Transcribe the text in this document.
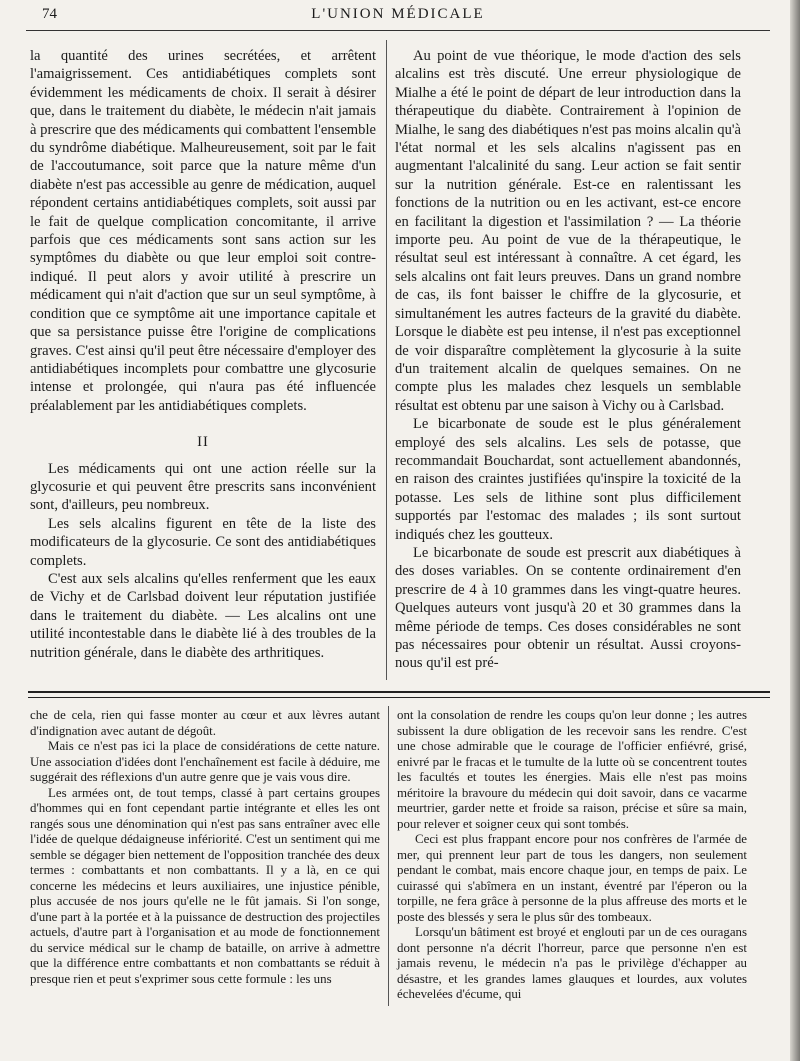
74	L'UNION MÉDICALE

la quantité des urines secrétées, et arrêtent l'amaigrissement. Ces antidiabétiques complets sont évidemment les médicaments de choix. Il serait à désirer que, dans le traitement du diabète, le médecin n'ait jamais à prescrire que des médicaments qui combattent l'ensemble du syndrôme diabétique. Malheureusement, soit par le fait de l'accoutumance, soit parce que la nature même d'un diabète n'est pas accessible au genre de médication, auquel répondent certains antidiabétiques complets, soit aussi par le fait de quelque complication concomitante, il arrive parfois que ces médicaments sont sans action sur les symptômes du diabète ou que leur emploi soit contre-indiqué. Il peut alors y avoir utilité à prescrire un médicament qui n'ait d'action que sur un seul symptôme, à condition que ce symptôme ait une importance capitale et que sa persistance puisse être l'origine de complications graves. C'est ainsi qu'il peut être nécessaire d'employer des antidiabétiques incomplets pour combattre une glycosurie intense et prolongée, qui n'aura pas été influencée préalablement par les antidiabétiques complets.

II

Les médicaments qui ont une action réelle sur la glycosurie et qui peuvent être prescrits sans inconvénient sont, d'ailleurs, peu nombreux.

Les sels alcalins figurent en tête de la liste des modificateurs de la glycosurie. Ce sont des antidiabétiques complets.

C'est aux sels alcalins qu'elles renferment que les eaux de Vichy et de Carlsbad doivent leur réputation justifiée dans le traitement du diabète. — Les alcalins ont une utilité incontestable dans le diabète lié à des troubles de la nutrition générale, dans le diabète des arthritiques.

Au point de vue théorique, le mode d'action des sels alcalins est très discuté. Une erreur physiologique de Mialhe a été le point de départ de leur introduction dans la thérapeutique du diabète. Contrairement à l'opinion de Mialhe, le sang des diabétiques n'est pas moins alcalin qu'à l'état normal et les sels alcalins n'agissent pas en augmentant l'alcalinité du sang. Leur action se fait sentir sur la nutrition générale. Est-ce en ralentissant les fonctions de la nutrition ou en les activant, est-ce encore en facilitant la digestion et l'assimilation ? — La théorie importe peu. Au point de vue de la thérapeutique, le résultat seul est intéressant à connaître. A cet égard, les sels alcalins ont fait leurs preuves. Dans un grand nombre de cas, ils font baisser le chiffre de la glycosurie, et simultanément les autres facteurs de la gravité du diabète. Lorsque le diabète est peu intense, il n'est pas exceptionnel de voir disparaître complètement la glycosurie à la suite d'un traitement alcalin de quelques semaines. On ne compte plus les malades chez lesquels un semblable résultat est obtenu par une saison à Vichy ou à Carlsbad.

Le bicarbonate de soude est le plus généralement employé des sels alcalins. Les sels de potasse, que recommandait Bouchardat, sont actuellement abandonnés, en raison des craintes justifiées qu'inspire la toxicité de la potasse. Les sels de lithine sont plus difficilement supportés par l'estomac des malades ; ils sont surtout indiqués chez les goutteux.

Le bicarbonate de soude est prescrit aux diabétiques à des doses variables. On se contente ordinairement d'en prescrire de 4 à 10 grammes dans les vingt-quatre heures. Quelques auteurs vont jusqu'à 20 et 30 grammes dans la même période de temps. Ces doses considérables ne sont pas nécessaires pour obtenir un résultat. Aussi croyons-nous qu'il est pré-

che de cela, rien qui fasse monter au cœur et aux lèvres autant d'indignation avec autant de dégoût.

Mais ce n'est pas ici la place de considérations de cette nature. Une association d'idées dont l'enchaînement est facile à déduire, me suggérait des réflexions d'un autre genre que je vais vous dire.

Les armées ont, de tout temps, classé à part certains groupes d'hommes qui en font cependant partie intégrante et elles les ont rangés sous une dénomination qui n'est pas sans entraîner avec elle l'idée de quelque dédaigneuse infériorité. C'est un sentiment qui me semble se dégager bien nettement de l'opposition tranchée des deux termes : combattants et non combattants. Il y a là, en ce qui concerne les médecins et leurs auxiliaires, une injustice pénible, plus accusée de nos jours qu'elle ne le fût jamais. Si l'on songe, d'une part à la portée et à la puissance de destruction des projectiles actuels, d'autre part à l'organisation et au mode de fonctionnement du service médical sur le champ de bataille, on arrive à admettre que la différence entre combattants et non combattants se réduit à presque rien et peut s'exprimer sous cette formule : les uns

ont la consolation de rendre les coups qu'on leur donne ; les autres subissent la dure obligation de les recevoir sans les rendre. C'est une chose admirable que le courage de l'officier enfiévré, grisé, enivré par le fracas et le tumulte de la lutte où se concentrent toutes les facultés et toutes les énergies. Mais elle n'est pas moins méritoire la bravoure du médecin qui doit savoir, dans ce vacarme meurtrier, garder nette et froide sa raison, précise et sûre sa main, pour relever et soigner ceux qui sont tombés.

Ceci est plus frappant encore pour nos confrères de l'armée de mer, qui prennent leur part de tous les dangers, non seulement pendant le combat, mais encore chaque jour, en temps de paix. Le cuirassé qui s'abîmera en un instant, éventré par l'éperon ou la torpille, ne fera grâce à personne de la plus affreuse des morts et le poste des blessés y sera le plus sûr des tombeaux.

Lorsqu'un bâtiment est broyé et englouti par un de ces ouragans dont personne n'a décrit l'horreur, parce que personne n'en est jamais revenu, le médecin n'a pas le privilège d'échapper au désastre, et les grandes lames glauques et lourdes, aux volutes échevelées d'écume, qui
